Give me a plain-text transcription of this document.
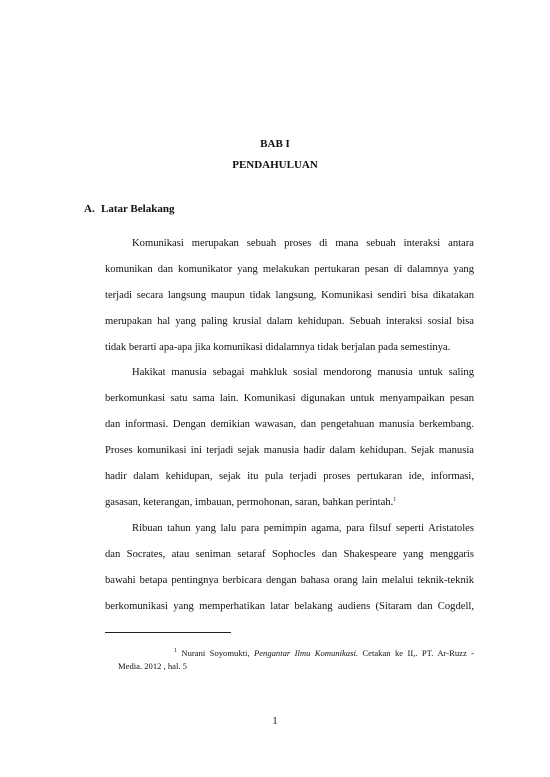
BAB I
PENDAHULUAN
A. Latar Belakang
Komunikasi merupakan sebuah proses di mana sebuah interaksi antara
komunikan dan komunikator yang melakukan pertukaran pesan di dalamnya yang
terjadi secara langsung maupun tidak langsung, Komunikasi sendiri bisa dikatakan
merupakan hal yang paling krusial dalam kehidupan. Sebuah interaksi sosial bisa
tidak berarti apa-apa jika komunikasi didalamnya tidak berjalan pada semestinya.
Hakikat manusia sebagai mahkluk sosial mendorong manusia untuk saling
berkomunkasi satu sama lain. Komunikasi digunakan untuk menyampaikan pesan
dan informasi. Dengan demikian wawasan, dan pengetahuan manusia berkembang.
Proses komunikasi ini terjadi sejak manusia hadir dalam kehidupan. Sejak manusia
hadir dalam kehidupan, sejak itu pula terjadi proses pertukaran ide, informasi,
gasasan, keterangan, imbauan, permohonan, saran, bahkan perintah.$^1$
Ribuan tahun yang lalu para pemimpin agama, para filsuf seperti Aristatoles
dan Socrates, atau seniman setaraf Sophocles dan Shakespeare yang menggaris
bawahi betapa pentingnya berbicara dengan bahasa orang lain melalui teknik-teknik
berkomunikasi yang memperhatikan latar belakang audiens (Sitaram dan Cogdell,
$^1$ Nurani Soyomukti, Pengantar Ilmu Komunikasi. Cetakan ke II,. PT. Ar-Ruzz -
Media. 2012 , hal. 5
1
